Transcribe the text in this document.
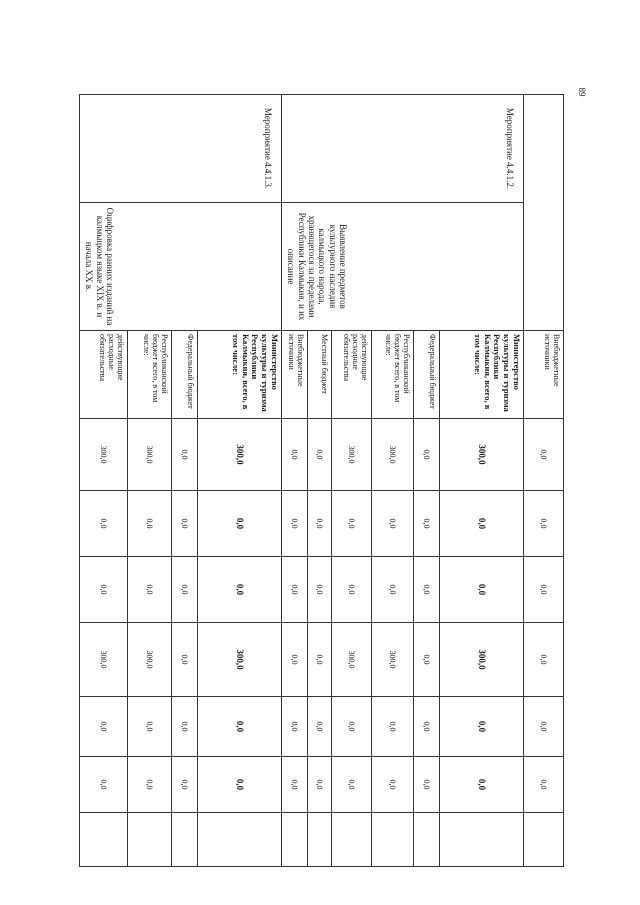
89
		Внебюджетные источники	0,0	0,0	0,0	0,0	0,0	0,0	
Мероприятие 4.4.1.2.	Выявление предметов культурного наследия калмыцкого народа, хранящегося за пределами Республики Калмыкия, и их описание	Министерство культуры и туризма Республики Калмыкия, всего, в том числе:	300,0	0,0	0,0	300,0	0,0	0,0	
		Федеральный бюджет	0,0	0,0	0,0	0,0	0,0	0,0	
		Республиканский бюджет всего, в том числе:	300,0	0,0	0,0	300,0	0,0	0,0	
		действующие расходные обязательства	300,0	0,0	0,0	300,0	0,0	0,0	
		Местный бюджет	0,0	0,0	0,0	0,0	0,0	0,0	
		Внебюджетные источники	0,0	0,0	0,0	0,0	0,0	0,0	
Мероприятие 4.4.1.3.	Оцифровка ранних изданий на калмыцком языке XIX в. и начала XX в.	Министерство культуры и туризма Республики Калмыкия, всего, в том числе:	300,0	0,0	0,0	300,0	0,0	0,0	
		Федеральный бюджет	0,0	0,0	0,0	0,0	0,0	0,0	
		Республиканский бюджет всего, в том числе:	300,0	0,0	0,0	300,0	0,0	0,0	
		действующие расходные обязательства	300,0	0,0	0,0	300,0	0,0	0,0	
